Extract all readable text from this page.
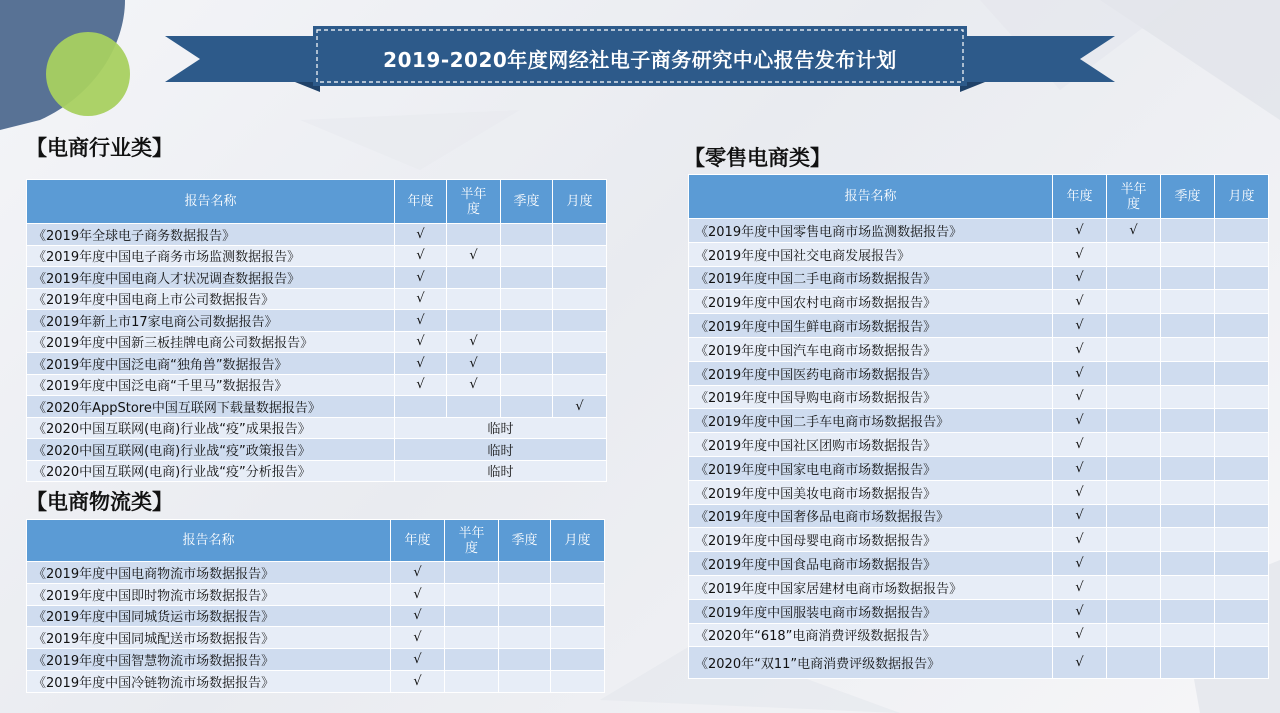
2019-2020年度网经社电子商务研究中心报告发布计划
【电商行业类】
【电商物流类】
【零售电商类】
报告名称	年度	半年度	季度	月度
《2019年全球电子商务数据报告》	√			
《2019年度中国电子商务市场监测数据报告》	√	√		
《2019年度中国电商人才状况调查数据报告》	√			
《2019年度中国电商上市公司数据报告》	√			
《2019年新上市17家电商公司数据报告》	√			
《2019年度中国新三板挂牌电商公司数据报告》	√	√		
《2019年度中国泛电商“独角兽”数据报告》	√	√		
《2019年度中国泛电商“千里马”数据报告》	√	√		
《2020年AppStore中国互联网下载量数据报告》				√
《2020中国互联网(电商)行业战“疫”成果报告》	临时			
《2020中国互联网(电商)行业战“疫”政策报告》	临时			
《2020中国互联网(电商)行业战“疫”分析报告》	临时			
报告名称	年度	半年度	季度	月度
《2019年度中国电商物流市场数据报告》	√			
《2019年度中国即时物流市场数据报告》	√			
《2019年度中国同城货运市场数据报告》	√			
《2019年度中国同城配送市场数据报告》	√			
《2019年度中国智慧物流市场数据报告》	√			
《2019年度中国冷链物流市场数据报告》	√			
报告名称	年度	半年度	季度	月度
《2019年度中国零售电商市场监测数据报告》	√	√		
《2019年度中国社交电商发展报告》	√			
《2019年度中国二手电商市场数据报告》	√			
《2019年度中国农村电商市场数据报告》	√			
《2019年度中国生鲜电商市场数据报告》	√			
《2019年度中国汽车电商市场数据报告》	√			
《2019年度中国医药电商市场数据报告》	√			
《2019年度中国导购电商市场数据报告》	√			
《2019年度中国二手车电商市场数据报告》	√			
《2019年度中国社区团购市场数据报告》	√			
《2019年度中国家电电商市场数据报告》	√			
《2019年度中国美妆电商市场数据报告》	√			
《2019年度中国奢侈品电商市场数据报告》	√			
《2019年度中国母婴电商市场数据报告》	√			
《2019年度中国食品电商市场数据报告》	√			
《2019年度中国家居建材电商市场数据报告》	√			
《2019年度中国服装电商市场数据报告》	√			
《2020年“618”电商消费评级数据报告》	√			
《2020年“双11”电商消费评级数据报告》	√			
